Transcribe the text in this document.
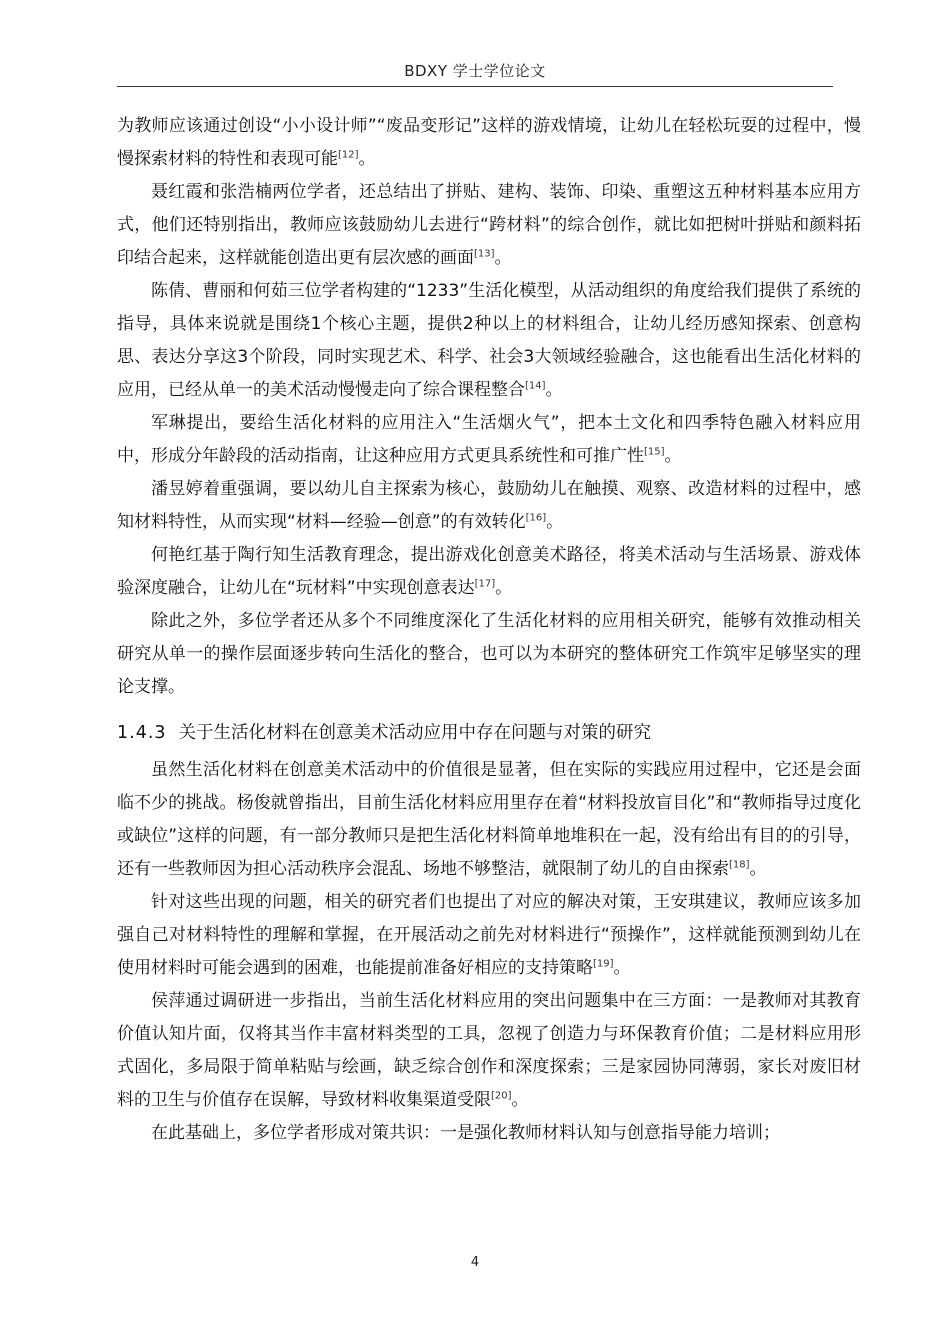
BDXY 学士学位论文

为教师应该通过创设“小小设计师”“废品变形记”这样的游戏情境，让幼儿在轻松玩耍的过程中，慢慢探索材料的特性和表现可能[12]。

聂红霞和张浩楠两位学者，还总结出了拼贴、建构、装饰、印染、重塑这五种材料基本应用方式，他们还特别指出，教师应该鼓励幼儿去进行“跨材料”的综合创作，就比如把树叶拼贴和颜料拓印结合起来，这样就能创造出更有层次感的画面[13]。

陈倩、曹丽和何茹三位学者构建的“1233”生活化模型，从活动组织的角度给我们提供了系统的指导，具体来说就是围绕1个核心主题，提供2种以上的材料组合，让幼儿经历感知探索、创意构思、表达分享这3个阶段，同时实现艺术、科学、社会3大领域经验融合，这也能看出生活化材料的应用，已经从单一的美术活动慢慢走向了综合课程整合[14]。

军琳提出，要给生活化材料的应用注入“生活烟火气”，把本土文化和四季特色融入材料应用中，形成分年龄段的活动指南，让这种应用方式更具系统性和可推广性[15]。

潘昱婷着重强调，要以幼儿自主探索为核心，鼓励幼儿在触摸、观察、改造材料的过程中，感知材料特性，从而实现“材料—经验—创意”的有效转化[16]。

何艳红基于陶行知生活教育理念，提出游戏化创意美术路径，将美术活动与生活场景、游戏体验深度融合，让幼儿在“玩材料”中实现创意表达[17]。

除此之外，多位学者还从多个不同维度深化了生活化材料的应用相关研究，能够有效推动相关研究从单一的操作层面逐步转向生活化的整合，也可以为本研究的整体研究工作筑牢足够坚实的理论支撑。

1.4.3 关于生活化材料在创意美术活动应用中存在问题与对策的研究

虽然生活化材料在创意美术活动中的价值很是显著，但在实际的实践应用过程中，它还是会面临不少的挑战。杨俊就曾指出，目前生活化材料应用里存在着“材料投放盲目化”和“教师指导过度化或缺位”这样的问题，有一部分教师只是把生活化材料简单地堆积在一起，没有给出有目的的引导，还有一些教师因为担心活动秩序会混乱、场地不够整洁，就限制了幼儿的自由探索[18]。

针对这些出现的问题，相关的研究者们也提出了对应的解决对策，王安琪建议，教师应该多加强自己对材料特性的理解和掌握，在开展活动之前先对材料进行“预操作”，这样就能预测到幼儿在使用材料时可能会遇到的困难，也能提前准备好相应的支持策略[19]。

侯萍通过调研进一步指出，当前生活化材料应用的突出问题集中在三方面：一是教师对其教育价值认知片面，仅将其当作丰富材料类型的工具，忽视了创造力与环保教育价值；二是材料应用形式固化，多局限于简单粘贴与绘画，缺乏综合创作和深度探索；三是家园协同薄弱，家长对废旧材料的卫生与价值存在误解，导致材料收集渠道受限[20]。

在此基础上，多位学者形成对策共识：一是强化教师材料认知与创意指导能力培训；

4
